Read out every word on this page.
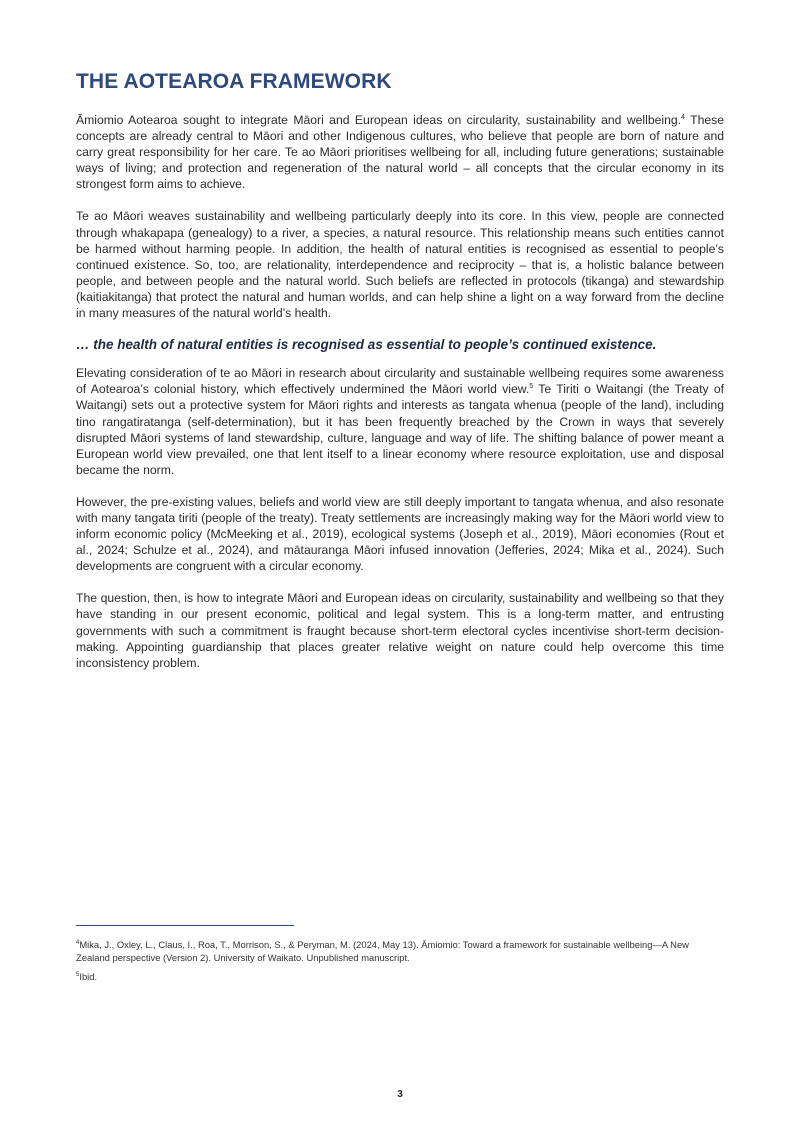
THE AOTEAROA FRAMEWORK

Āmiomio Aotearoa sought to integrate Māori and European ideas on circularity, sustainability and wellbeing.$^4$ These concepts are already central to Māori and other Indigenous cultures, who believe that people are born of nature and carry great responsibility for her care. Te ao Māori prioritises wellbeing for all, including future generations; sustainable ways of living; and protection and regeneration of the natural world – all concepts that the circular economy in its strongest form aims to achieve.

Te ao Māori weaves sustainability and wellbeing particularly deeply into its core. In this view, people are connected through whakapapa (genealogy) to a river, a species, a natural resource. This relationship means such entities cannot be harmed without harming people. In addition, the health of natural entities is recognised as essential to people’s continued existence. So, too, are relationality, interdependence and reciprocity – that is, a holistic balance between people, and between people and the natural world. Such beliefs are reflected in protocols (tikanga) and stewardship (kaitiakitanga) that protect the natural and human worlds, and can help shine a light on a way forward from the decline in many measures of the natural world’s health.

… the health of natural entities is recognised as essential to people’s continued existence.

Elevating consideration of te ao Māori in research about circularity and sustainable wellbeing requires some awareness of Aotearoa’s colonial history, which effectively undermined the Māori world view.$^5$ Te Tiriti o Waitangi (the Treaty of Waitangi) sets out a protective system for Māori rights and interests as tangata whenua (people of the land), including tino rangatiratanga (self-determination), but it has been frequently breached by the Crown in ways that severely disrupted Māori systems of land stewardship, culture, language and way of life. The shifting balance of power meant a European world view prevailed, one that lent itself to a linear economy where resource exploitation, use and disposal became the norm.

However, the pre-existing values, beliefs and world view are still deeply important to tangata whenua, and also resonate with many tangata tiriti (people of the treaty). Treaty settlements are increasingly making way for the Māori world view to inform economic policy (McMeeking et al., 2019), ecological systems (Joseph et al., 2019), Māori economies (Rout et al., 2024; Schulze et al., 2024), and mātauranga Māori infused innovation (Jefferies, 2024; Mika et al., 2024). Such developments are congruent with a circular economy.

The question, then, is how to integrate Māori and European ideas on circularity, sustainability and wellbeing so that they have standing in our present economic, political and legal system. This is a long-term matter, and entrusting governments with such a commitment is fraught because short-term electoral cycles incentivise short-term decision-making. Appointing guardianship that places greater relative weight on nature could help overcome this time inconsistency problem.

$^4$Mika, J., Oxley, L., Claus, I., Roa, T., Morrison, S., & Peryman, M. (2024, May 13). Āmiomio: Toward a framework for sustainable wellbeing—A New Zealand perspective (Version 2). University of Waikato. Unpublished manuscript.

$^5$Ibid.

3
